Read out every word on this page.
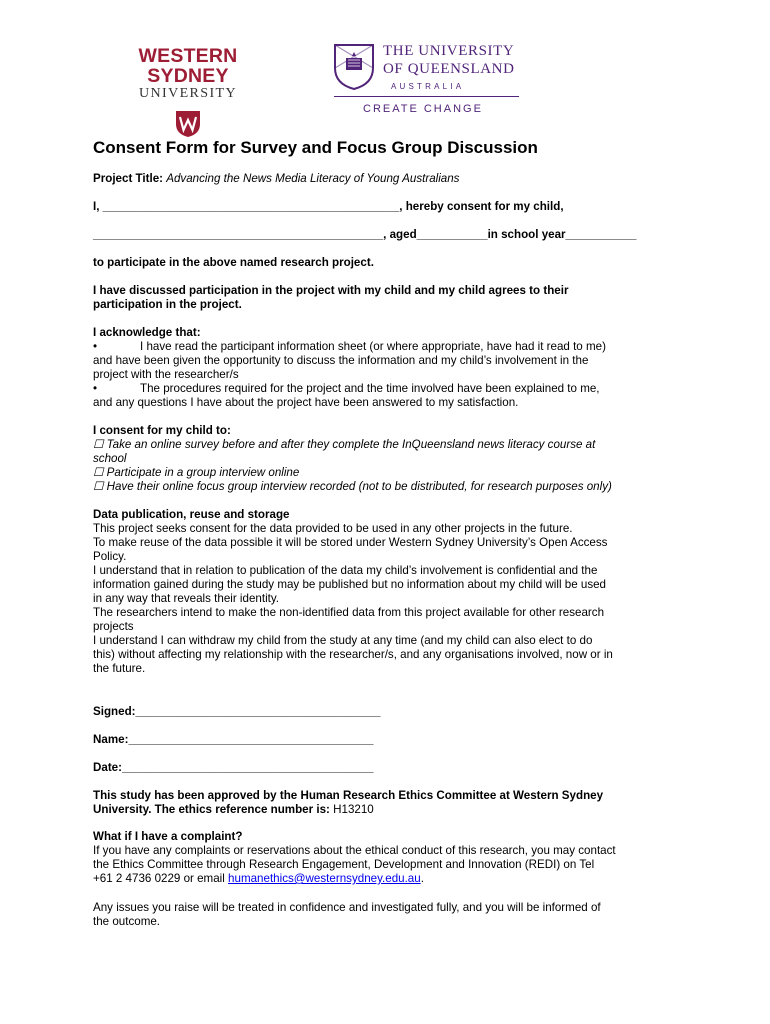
WESTERN SYDNEY
UNIVERSITY
THE UNIVERSITY
OF QUEENSLAND
AUSTRALIA
CREATE CHANGE
Consent Form for Survey and Focus Group Discussion
Project Title: Advancing the News Media Literacy of Young Australians
I, ______________________________________________, hereby consent for my child,
_____________________________________________, aged___________in school year___________
to participate in the above named research project.
I have discussed participation in the project with my child and my child agrees to their
participation in the project.
I acknowledge that:
•	I have read the participant information sheet (or where appropriate, have had it read to me)
and have been given the opportunity to discuss the information and my child’s involvement in the
project with the researcher/s
•	The procedures required for the project and the time involved have been explained to me,
and any questions I have about the project have been answered to my satisfaction.
I consent for my child to:
☐ Take an online survey before and after they complete the InQueensland news literacy course at
school
☐ Participate in a group interview online
☐ Have their online focus group interview recorded (not to be distributed, for research purposes only)
Data publication, reuse and storage
This project seeks consent for the data provided to be used in any other projects in the future.
To make reuse of the data possible it will be stored under Western Sydney University’s Open Access
Policy.
I understand that in relation to publication of the data my child’s involvement is confidential and the
information gained during the study may be published but no information about my child will be used
in any way that reveals their identity.
The researchers intend to make the non-identified data from this project available for other research
projects
I understand I can withdraw my child from the study at any time (and my child can also elect to do
this) without affecting my relationship with the researcher/s, and any organisations involved, now or in
the future.
Signed:______________________________________
Name:______________________________________
Date:_______________________________________
This study has been approved by the Human Research Ethics Committee at Western Sydney
University. The ethics reference number is: H13210
What if I have a complaint?
If you have any complaints or reservations about the ethical conduct of this research, you may contact
the Ethics Committee through Research Engagement, Development and Innovation (REDI) on Tel
+61 2 4736 0229 or email humanethics@westernsydney.edu.au.
Any issues you raise will be treated in confidence and investigated fully, and you will be informed of
the outcome.
